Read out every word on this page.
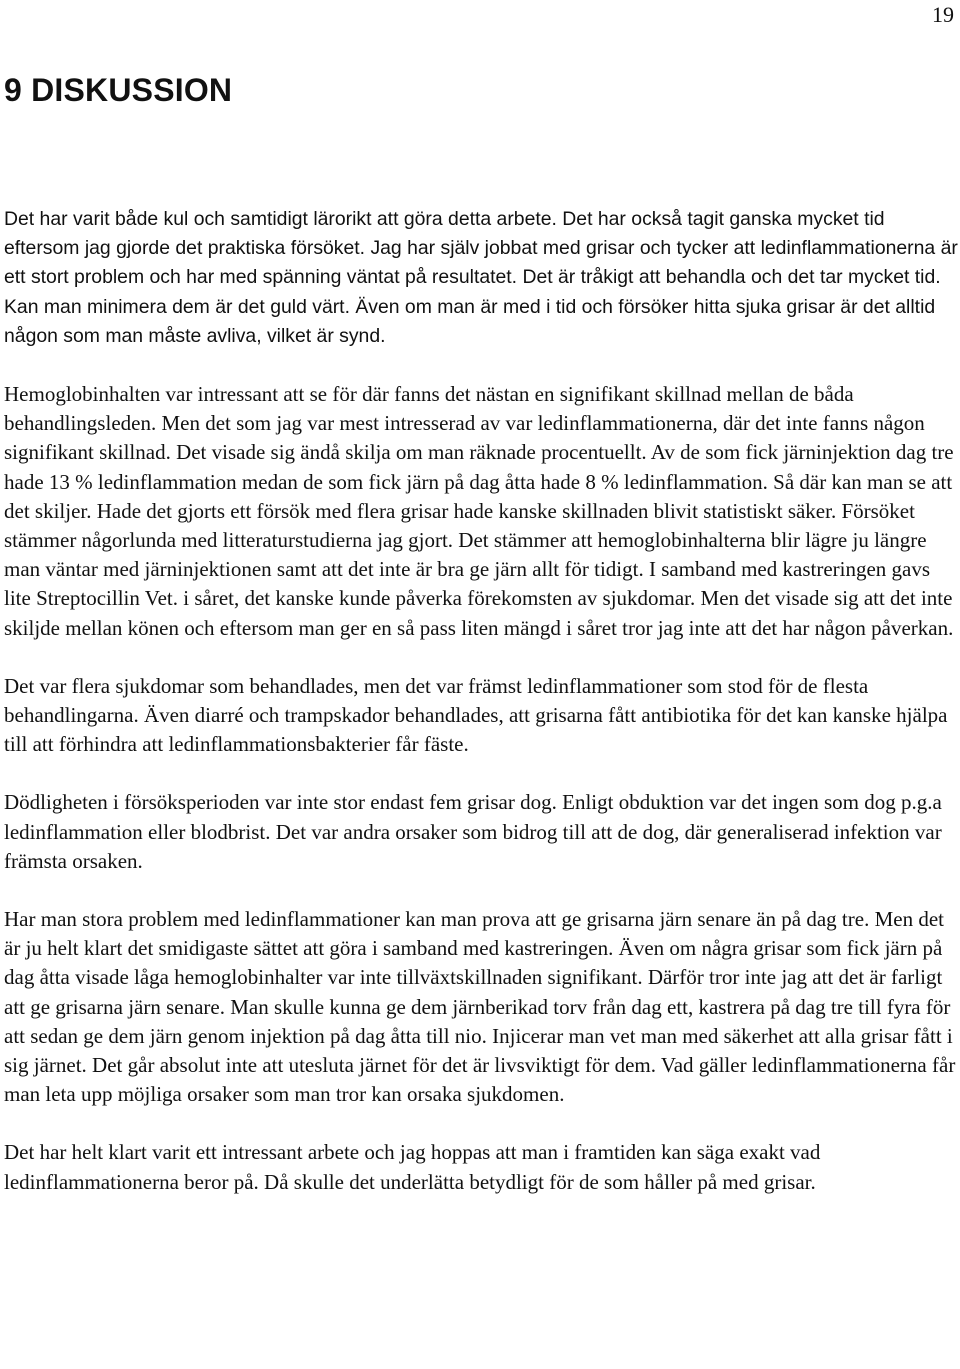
19
9 DISKUSSION

Det har varit både kul och samtidigt lärorikt att göra detta arbete. Det har också tagit ganska mycket tid eftersom jag gjorde det praktiska försöket. Jag har själv jobbat med grisar och tycker att ledinflammationerna är ett stort problem och har med spänning väntat på resultatet. Det är tråkigt att behandla och det tar mycket tid. Kan man minimera dem är det guld värt. Även om man är med i tid och försöker hitta sjuka grisar är det alltid någon som man måste avliva, vilket är synd.

Hemoglobinhalten var intressant att se för där fanns det nästan en signifikant skillnad mellan de båda behandlingsleden. Men det som jag var mest intresserad av var ledinflammationerna, där det inte fanns någon signifikant skillnad. Det visade sig ändå skilja om man räknade procentuellt. Av de som fick järninjektion dag tre hade 13 % ledinflammation medan de som fick järn på dag åtta hade 8 % ledinflammation. Så där kan man se att det skiljer. Hade det gjorts ett försök med flera grisar hade kanske skillnaden blivit statistiskt säker. Försöket stämmer någorlunda med litteraturstudierna jag gjort. Det stämmer att hemoglobinhalterna blir lägre ju längre man väntar med järninjektionen samt att det inte är bra ge järn allt för tidigt. I samband med kastreringen gavs lite Streptocillin Vet. i såret, det kanske kunde påverka förekomsten av sjukdomar. Men det visade sig att det inte skiljde mellan könen och eftersom man ger en så pass liten mängd i såret tror jag inte att det har någon påverkan.

Det var flera sjukdomar som behandlades, men det var främst ledinflammationer som stod för de flesta behandlingarna. Även diarré och trampskador behandlades, att grisarna fått antibiotika för det kan kanske hjälpa till att förhindra att ledinflammationsbakterier får fäste.

Dödligheten i försöksperioden var inte stor endast fem grisar dog. Enligt obduktion var det ingen som dog p.g.a ledinflammation eller blodbrist. Det var andra orsaker som bidrog till att de dog, där generaliserad infektion var främsta orsaken.

Har man stora problem med ledinflammationer kan man prova att ge grisarna järn senare än på dag tre. Men det är ju helt klart det smidigaste sättet att göra i samband med kastreringen. Även om några grisar som fick järn på dag åtta visade låga hemoglobinhalter var inte tillväxtskillnaden signifikant. Därför tror inte jag att det är farligt att ge grisarna järn senare. Man skulle kunna ge dem järnberikad torv från dag ett, kastrera på dag tre till fyra för att sedan ge dem järn genom injektion på dag åtta till nio. Injicerar man vet man med säkerhet att alla grisar fått i sig järnet. Det går absolut inte att utesluta järnet för det är livsviktigt för dem. Vad gäller ledinflammationerna får man leta upp möjliga orsaker som man tror kan orsaka sjukdomen.

Det har helt klart varit ett intressant arbete och jag hoppas att man i framtiden kan säga exakt vad ledinflammationerna beror på. Då skulle det underlätta betydligt för de som håller på med grisar.
